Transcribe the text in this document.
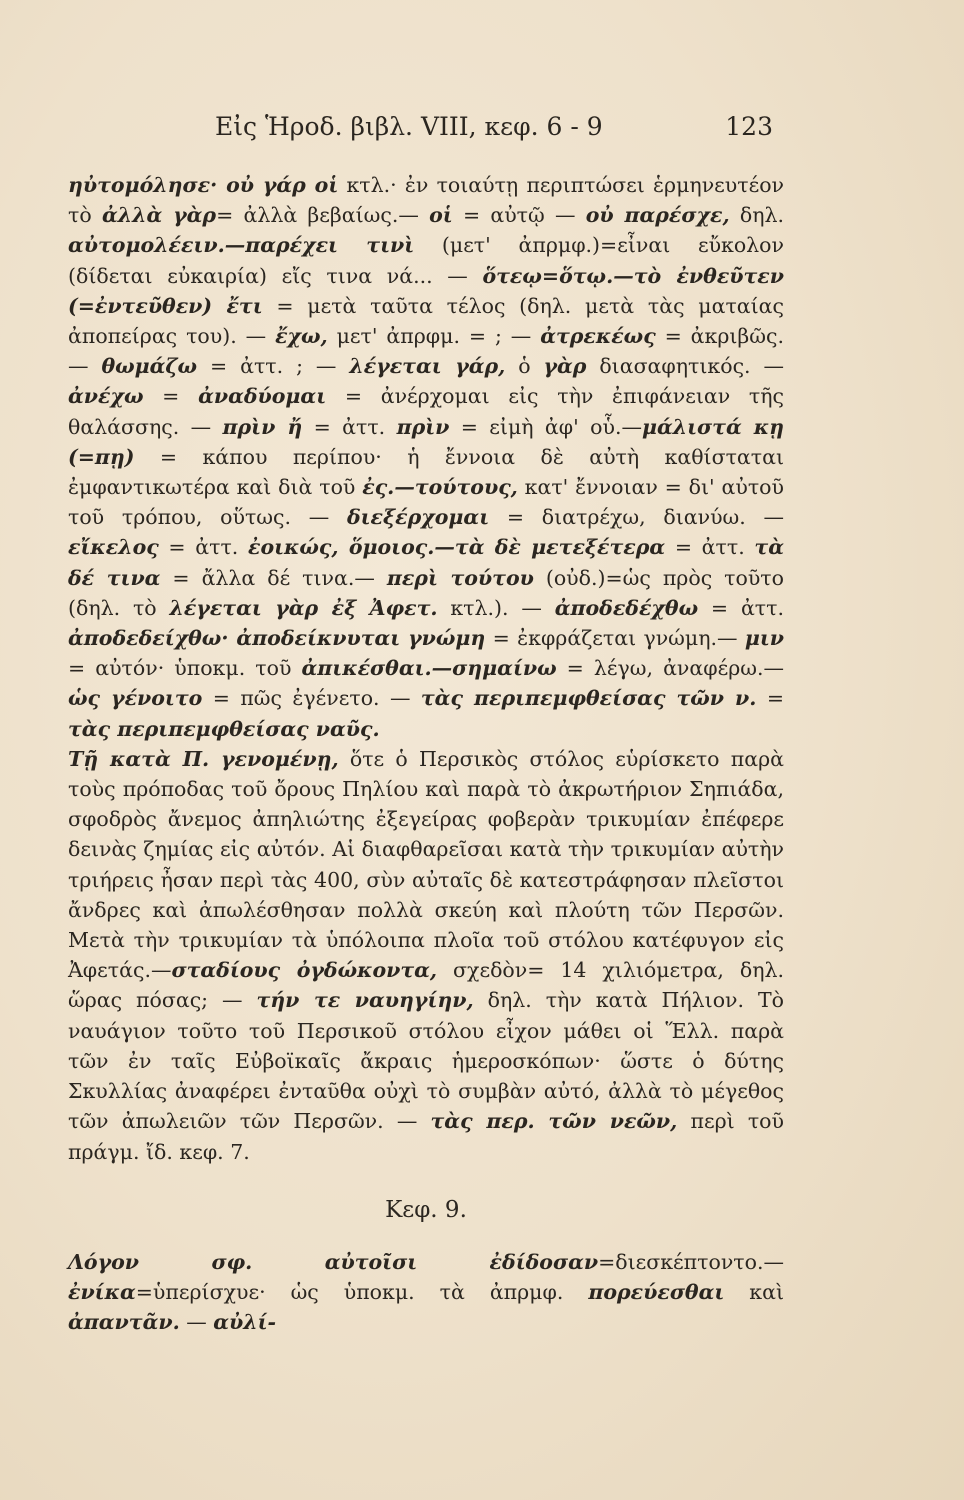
Εἰς Ἡροδ. βιβλ. VIII, κεφ. 6 - 9	123

ηὐτομόλησε· οὐ γάρ οἱ κτλ.· ἐν τοιαύτῃ περιπτώσει ἑρμηνευτέον τὸ ἀλλὰ γὰρ= ἀλλὰ βεβαίως.— οἱ = αὐτῷ — οὐ παρέσχε, δηλ. αὐτομολέειν.—παρέχει τινὶ (μετ' ἀπρμφ.)=εἶναι εὔκολον (δίδεται εὐκαιρία) εἴς τινα νά... — ὅτεῳ=ὅτῳ.—τὸ ἐνθεῦτεν (=ἐντεῦθεν) ἔτι = μετὰ ταῦτα τέλος (δηλ. μετὰ τὰς ματαίας ἀποπείρας του). — ἔχω, μετ' ἀπρφμ. = ; — ἀτρεκέως = ἀκριβῶς. — θωμάζω = ἀττ. ; — λέγεται γάρ, ὁ γὰρ διασαφητικός. — ἀνέχω = ἀναδύομαι = ἀνέρχομαι εἰς τὴν ἐπιφάνειαν τῆς θαλάσσης. — πρὶν ἤ = ἀττ. πρὶν = εἰμὴ ἀφ' οὗ.—μάλιστά κῃ (=πῃ) = κάπου περίπου· ἡ ἔννοια δὲ αὐτὴ καθίσταται ἐμφαντικωτέρα καὶ διὰ τοῦ ἐς.—τούτους, κατ' ἔννοιαν = δι' αὐτοῦ τοῦ τρόπου, οὕτως. — διεξέρχομαι = διατρέχω, διανύω. — εἴκελος = ἀττ. ἐοικώς, ὅμοιος.—τὰ δὲ μετεξέτερα = ἀττ. τὰ δέ τινα = ἄλλα δέ τινα.— περὶ τούτου (οὐδ.)=ὡς πρὸς τοῦτο (δηλ. τὸ λέγεται γὰρ ἐξ Ἀφετ. κτλ.). — ἀποδεδέχθω = ἀττ. ἀποδεδείχθω· ἀποδείκνυται γνώμη = ἐκφράζεται γνώμη.— μιν = αὐτόν· ὑποκμ. τοῦ ἀπικέσθαι.—σημαίνω = λέγω, ἀναφέρω.— ὡς γένοιτο = πῶς ἐγένετο. — τὰς περιπεμφθείσας τῶν ν. = τὰς περιπεμφθείσας ναῦς.

Τῇ κατὰ Π. γενομένῃ, ὅτε ὁ Περσικὸς στόλος εὑρίσκετο παρὰ τοὺς πρόποδας τοῦ ὄρους Πηλίου καὶ παρὰ τὸ ἀκρωτήριον Σηπιάδα, σφοδρὸς ἄνεμος ἀπηλιώτης ἐξεγείρας φοβερὰν τρικυμίαν ἐπέφερε δεινὰς ζημίας εἰς αὐτόν. Αἱ διαφθαρεῖσαι κατὰ τὴν τρικυμίαν αὐτὴν τριήρεις ἦσαν περὶ τὰς 400, σὺν αὐταῖς δὲ κατεστράφησαν πλεῖστοι ἄνδρες καὶ ἀπωλέσθησαν πολλὰ σκεύη καὶ πλούτη τῶν Περσῶν. Μετὰ τὴν τρικυμίαν τὰ ὑπόλοιπα πλοῖα τοῦ στόλου κατέφυγον εἰς Ἀφετάς.—σταδίους ὀγδώκοντα, σχεδὸν= 14 χιλιόμετρα, δηλ. ὥρας πόσας; — τήν τε ναυηγίην, δηλ. τὴν κατὰ Πήλιον. Τὸ ναυάγιον τοῦτο τοῦ Περσικοῦ στόλου εἶχον μάθει οἱ Ἕλλ. παρὰ τῶν ἐν ταῖς Εὐβοϊκαῖς ἄκραις ἡμεροσκόπων· ὥστε ὁ δύτης Σκυλλίας ἀναφέρει ἐνταῦθα οὐχὶ τὸ συμβὰν αὐτό, ἀλλὰ τὸ μέγεθος τῶν ἀπωλειῶν τῶν Περσῶν. — τὰς περ. τῶν νεῶν, περὶ τοῦ πράγμ. ἴδ. κεφ. 7.

Κεφ. 9.

Λόγον σφ. αὐτοῖσι ἐδίδοσαν=διεσκέπτοντο.— ἐνίκα=ὑπερίσχυε· ὡς ὑποκμ. τὰ ἀπρμφ. πορεύεσθαι καὶ ἀπαντᾶν. — αὐλί-
